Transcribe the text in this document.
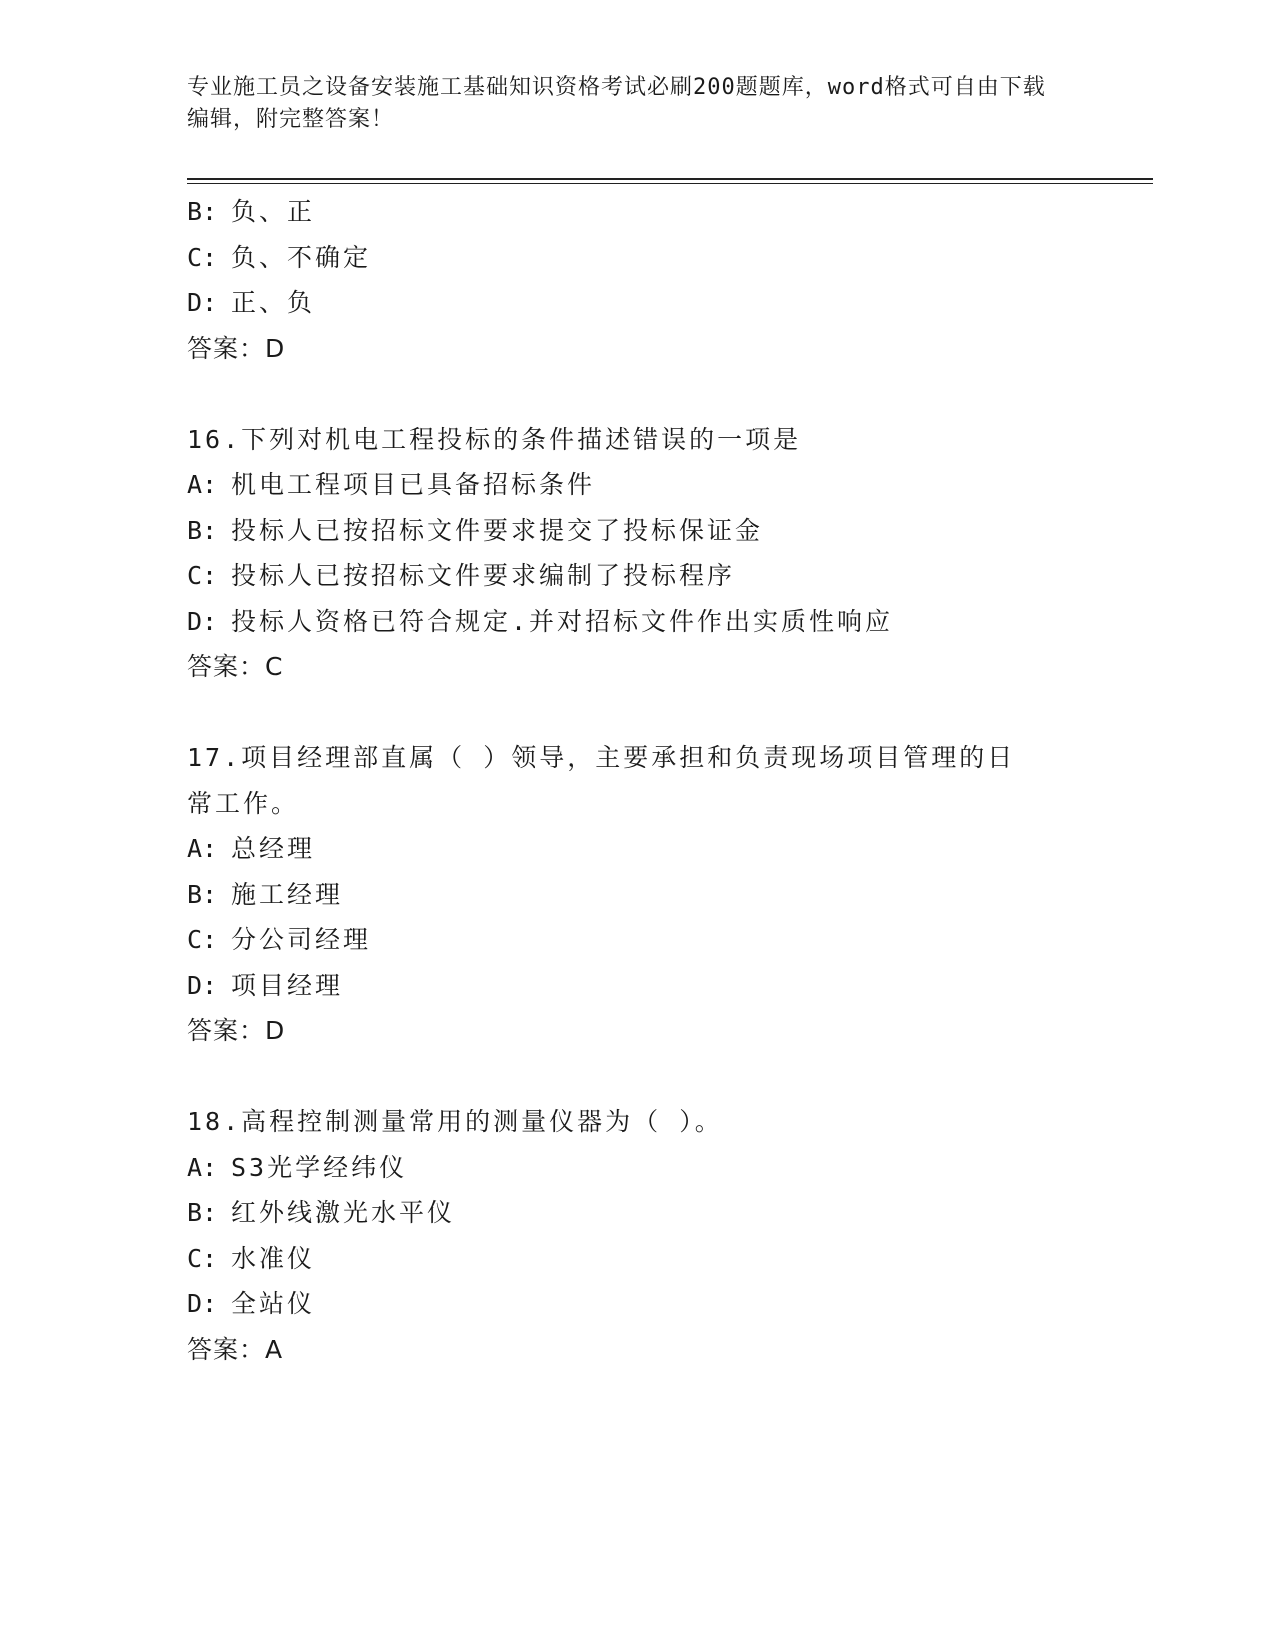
专业施工员之设备安装施工基础知识资格考试必刷200题题库，word格式可自由下载编辑，附完整答案！
B: 负、正
C: 负、不确定
D: 正、负
答案：D
16.下列对机电工程投标的条件描述错误的一项是
A: 机电工程项目已具备招标条件
B: 投标人已按招标文件要求提交了投标保证金
C: 投标人已按招标文件要求编制了投标程序
D: 投标人资格已符合规定.并对招标文件作出实质性响应
答案：C
17.项目经理部直属（ ）领导，主要承担和负责现场项目管理的日常工作。
A: 总经理
B: 施工经理
C: 分公司经理
D: 项目经理
答案：D
18.高程控制测量常用的测量仪器为（ ）。
A: S3光学经纬仪
B: 红外线激光水平仪
C: 水准仪
D: 全站仪
答案：A
